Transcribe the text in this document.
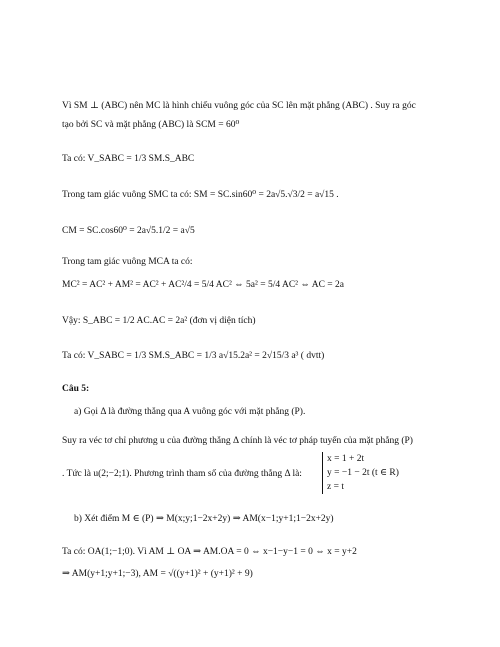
Vì SM ⊥ (ABC) nên MC là hình chiếu vuông góc của SC lên mặt phẳng (ABC) . Suy ra góc
tạo bởi SC và mặt phẳng (ABC) là SCM = 60⁰
Ta có: V_SABC = 1/3 SM.S_ABC
Trong tam giác vuông SMC ta có: SM = SC.sin60⁰ = 2a√5.√3/2 = a√15 .
CM = SC.cos60⁰ = 2a√5.1/2 = a√5
Trong tam giác vuông MCA ta có:
MC² = AC² + AM² = AC² + AC²/4 = 5/4 AC² ⇔ 5a² = 5/4 AC² ⇔ AC = 2a
Vậy: S_ABC = 1/2 AC.AC = 2a² (đơn vị diện tích)
Ta có: V_SABC = 1/3 SM.S_ABC = 1/3 a√15.2a² = 2√15/3 a³ ( dvtt)
Câu 5:
a) Gọi Δ là đường thẳng qua A vuông góc với mặt phẳng (P).
Suy ra véc tơ chỉ phương u của đường thẳng Δ chính là véc tơ pháp tuyến của mặt phẳng (P)
. Tức là u(2;−2;1). Phương trình tham số của đường thẳng Δ là:
x = 1 + 2t
y = −1 − 2t (t ∈ R)
z = t
b) Xét điểm M ∈ (P) ⇒ M(x;y;1−2x+2y) ⇒ AM(x−1;y+1;1−2x+2y)
Ta có: OA(1;−1;0). Vì AM ⊥ OA ⇒ AM.OA = 0 ⇔ x−1−y−1 = 0 ⇔ x = y+2
⇒ AM(y+1;y+1;−3), AM = √((y+1)² + (y+1)² + 9)
